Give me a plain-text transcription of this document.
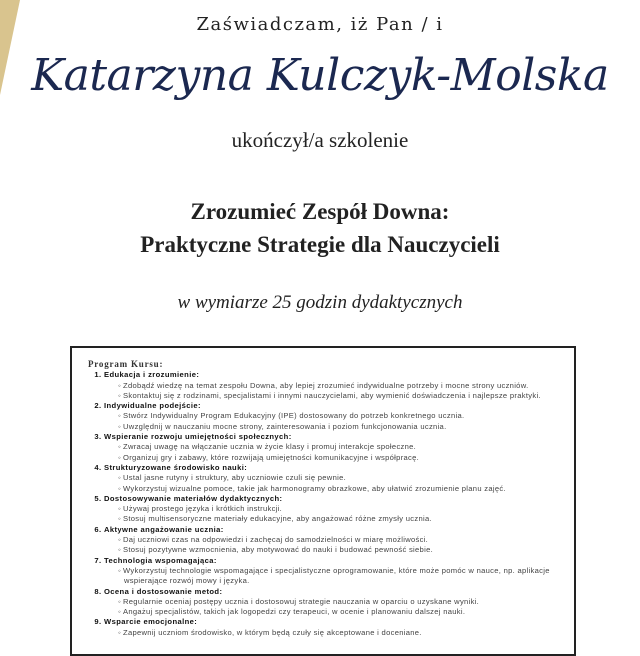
Zaświadczam, iż Pan / i
Katarzyna Kulczyk-Molska
ukończył/a szkolenie
Zrozumieć Zespół Downa:
Praktyczne Strategie dla Nauczycieli
w wymiarze 25 godzin dydaktycznych
Program Kursu:
1. Edukacja i zrozumienie:
◦ Zdobądź wiedzę na temat zespołu Downa, aby lepiej zrozumieć indywidualne potrzeby i mocne strony uczniów.
◦ Skontaktuj się z rodzinami, specjalistami i innymi nauczycielami, aby wymienić doświadczenia i najlepsze praktyki.
2. Indywidualne podejście:
◦ Stwórz Indywidualny Program Edukacyjny (IPE) dostosowany do potrzeb konkretnego ucznia.
◦ Uwzględnij w nauczaniu mocne strony, zainteresowania i poziom funkcjonowania ucznia.
3. Wspieranie rozwoju umiejętności społecznych:
◦ Zwracaj uwagę na włączanie ucznia w życie klasy i promuj interakcje społeczne.
◦ Organizuj gry i zabawy, które rozwijają umiejętności komunikacyjne i współpracę.
4. Strukturyzowane środowisko nauki:
◦ Ustal jasne rutyny i struktury, aby uczniowie czuli się pewnie.
◦ Wykorzystuj wizualne pomoce, takie jak harmonogramy obrazkowe, aby ułatwić zrozumienie planu zajęć.
5. Dostosowywanie materiałów dydaktycznych:
◦ Używaj prostego języka i krótkich instrukcji.
◦ Stosuj multisensoryczne materiały edukacyjne, aby angażować różne zmysły ucznia.
6. Aktywne angażowanie ucznia:
◦ Daj uczniowi czas na odpowiedzi i zachęcaj do samodzielności w miarę możliwości.
◦ Stosuj pozytywne wzmocnienia, aby motywować do nauki i budować pewność siebie.
7. Technologia wspomagająca:
◦ Wykorzystuj technologie wspomagające i specjalistyczne oprogramowanie, które może pomóc w nauce, np. aplikacje wspierające rozwój mowy i języka.
8. Ocena i dostosowanie metod:
◦ Regularnie oceniaj postępy ucznia i dostosowuj strategie nauczania w oparciu o uzyskane wyniki.
◦ Angażuj specjalistów, takich jak logopedzi czy terapeuci, w ocenie i planowaniu dalszej nauki.
9. Wsparcie emocjonalne:
◦ Zapewnij uczniom środowisko, w którym będą czuły się akceptowane i doceniane.
